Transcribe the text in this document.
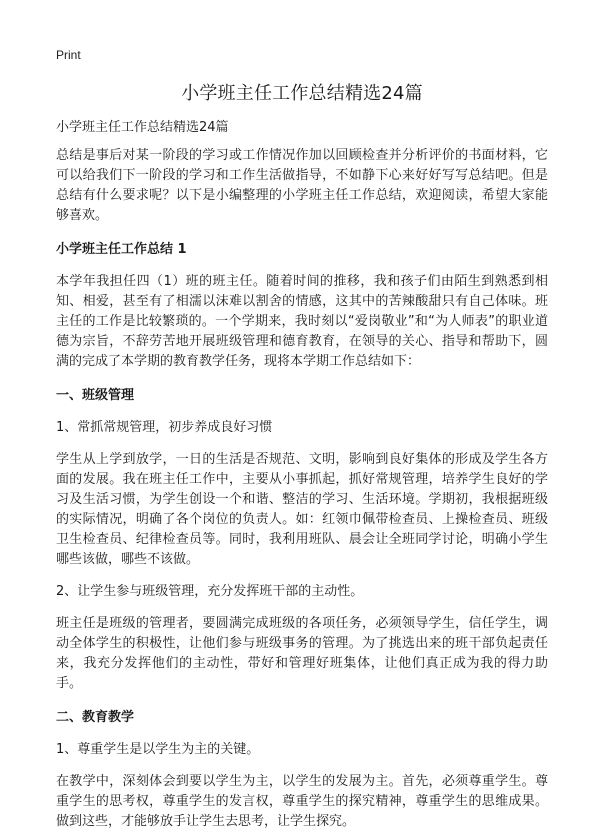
Print
小学班主任工作总结精选24篇

小学班主任工作总结精选24篇

总结是事后对某一阶段的学习或工作情况作加以回顾检查并分析评价的书面材料，它可以给我们下一阶段的学习和工作生活做指导，不如静下心来好好写写总结吧。但是总结有什么要求呢？以下是小编整理的小学班主任工作总结，欢迎阅读，希望大家能够喜欢。

小学班主任工作总结 1

本学年我担任四（1）班的班主任。随着时间的推移，我和孩子们由陌生到熟悉到相知、相爱，甚至有了相濡以沫难以割舍的情感，这其中的苦辣酸甜只有自己体味。班主任的工作是比较繁琐的。一个学期来，我时刻以“爱岗敬业”和“为人师表”的职业道德为宗旨，不辞劳苦地开展班级管理和德育教育，在领导的关心、指导和帮助下，圆满的完成了本学期的教育教学任务，现将本学期工作总结如下：

一、班级管理

1、常抓常规管理，初步养成良好习惯

学生从上学到放学，一日的生活是否规范、文明，影响到良好集体的形成及学生各方面的发展。我在班主任工作中，主要从小事抓起，抓好常规管理，培养学生良好的学习及生活习惯，为学生创设一个和谐、整洁的学习、生活环境。学期初，我根据班级的实际情况，明确了各个岗位的负责人。如：红领巾佩带检查员、上操检查员、班级卫生检查员、纪律检查员等。同时，我利用班队、晨会让全班同学讨论，明确小学生哪些该做，哪些不该做。

2、让学生参与班级管理，充分发挥班干部的主动性。

班主任是班级的管理者，要圆满完成班级的各项任务，必须领导学生，信任学生，调动全体学生的积极性，让他们参与班级事务的管理。为了挑选出来的班干部负起责任来，我充分发挥他们的主动性，带好和管理好班集体，让他们真正成为我的得力助手。

二、教育教学

1、尊重学生是以学生为主的关键。

在教学中，深刻体会到要以学生为主，以学生的发展为主。首先，必须尊重学生。尊重学生的思考权，尊重学生的发言权，尊重学生的探究精神，尊重学生的思维成果。做到这些，才能够放手让学生去思考，让学生探究。
